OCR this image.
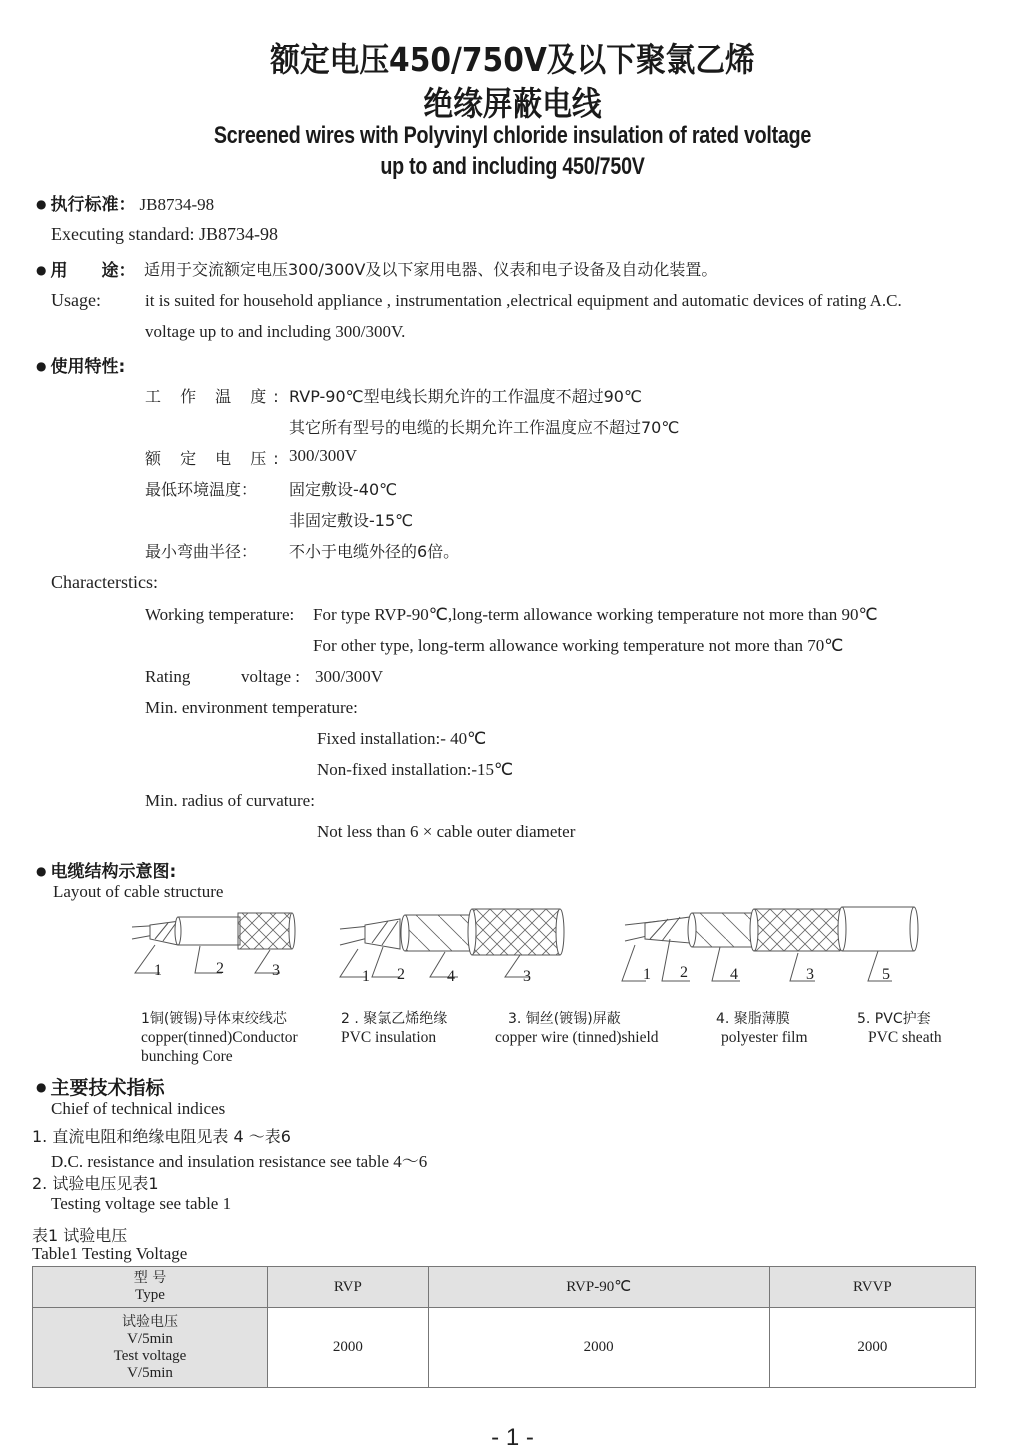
额定电压450/750V及以下聚氯乙烯
绝缘屏蔽电线
Screened wires with Polyvinyl chloride insulation of rated voltage
up to and including 450/750V
● 执行标准： JB8734-98
Executing standard: JB8734-98
● 用　　途： 适用于交流额定电压300/300V及以下家用电器、仪表和电子设备及自动化装置。
Usage:	it is suited for household appliance , instrumentation ,electrical equipment and automatic devices of rating A.C.
voltage up to and including 300/300V.
● 使用特性:
工 作 温 度: RVP-90℃型电线长期允许的工作温度不超过90℃
其它所有型号的电缆的长期允许工作温度应不超过70℃
额 定 电 压: 300/300V
最低环境温度： 固定敷设-40℃
非固定敷设-15℃
最小弯曲半径： 不小于电缆外径的6倍。
Characterstics:
Working temperature: For type RVP-90℃,long-term allowance working temperature not more than 90℃
For other type, long-term allowance working temperature not more than 70℃
Rating	voltage : 300/300V
Min. environment temperature:
Fixed installation:- 40℃
Non-fixed installation:-15℃
Min. radius of curvature:
Not less than 6 × cable outer diameter
● 电缆结构示意图:
Layout of cable structure
1	2	3	1 2	4	3	1 2	4	3	5
1铜(镀锡)导体束绞线芯
copper(tinned)Conductor
bunching Core
2 . 聚氯乙烯绝缘
PVC insulation
3. 铜丝(镀锡)屏蔽
copper wire (tinned)shield
4. 聚脂薄膜
polyester film
5. PVC护套
PVC sheath
● 主要技术指标
Chief of technical indices
1. 直流电阻和绝缘电阻见表 4 ～表6
D.C. resistance and insulation resistance see table 4～6
2. 试验电压见表1
Testing voltage see table 1
表1 试验电压
Table1 Testing Voltage
型 号
Type	RVP	RVP-90℃	RVVP

试验电压
V/5min
Test voltage
V/5min	2000	2000	2000
- 1 -
